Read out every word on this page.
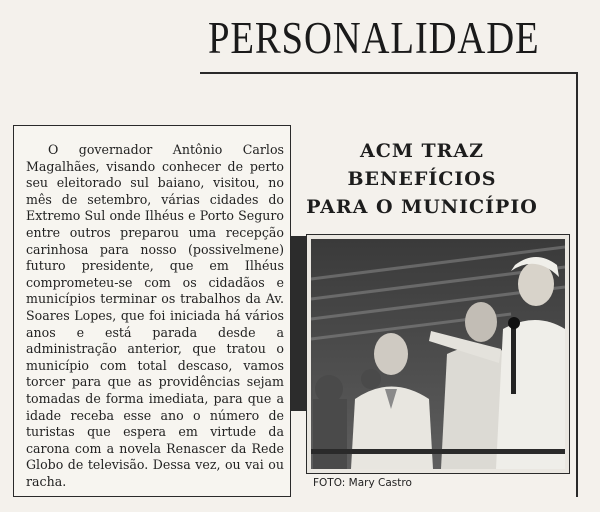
PERSONALIDADE

O governador Antônio Carlos Magalhães, visando conhecer de perto seu eleitorado sul baiano, visitou, no mês de setembro, várias cidades do Extremo Sul onde Ilhéus e Porto Seguro entre outros preparou uma recepção carinhosa para nosso (possivelmene) futuro presidente, que em Ilhéus comprometeu-se com os cidadãos e municípios terminar os trabalhos da Av. Soares Lopes, que foi iniciada há vários anos e está parada desde a administração anterior, que tratou o município com total descaso, vamos torcer para que as providências sejam tomadas de forma imediata, para que a idade receba esse ano o número de turistas que espera em virtude da carona com a novela Renascer da Rede Globo de televisão. Dessa vez, ou vai ou racha.

ACM TRAZ
BENEFÍCIOS
PARA O MUNICÍPIO
FOTO: Mary Castro
